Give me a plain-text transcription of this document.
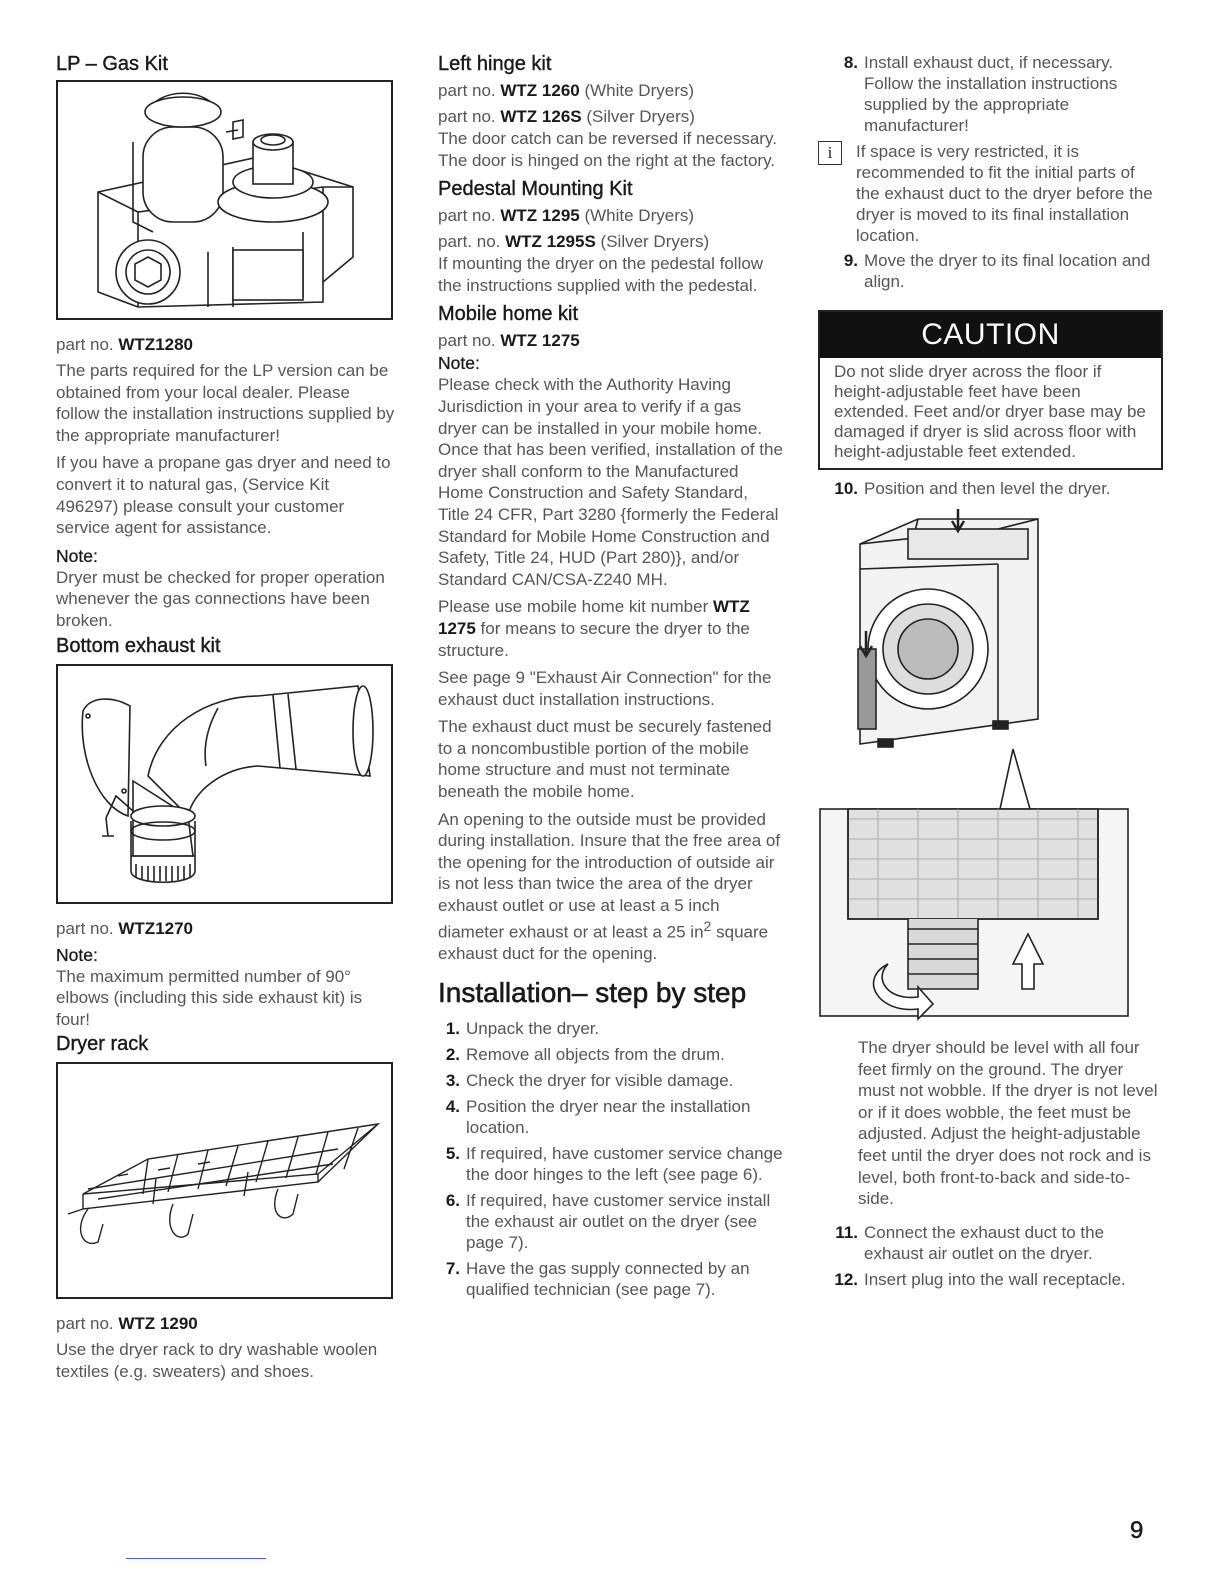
LP – Gas Kit
part no. WTZ1280

The parts required for the LP version can be obtained from your local dealer. Please follow the installation instructions supplied by the appropriate manufacturer!

If you have a propane gas dryer and need to convert it to natural gas, (Service Kit 496297) please consult your customer service agent for assistance.

Note:

Dryer must be checked for proper operation whenever the gas connections have been broken.

Bottom exhaust kit
part no. WTZ1270
Note:

The maximum permitted number of 90° elbows (including this side exhaust kit) is four!

Dryer rack
part no. WTZ 1290

Use the dryer rack to dry washable woolen textiles (e.g. sweaters) and shoes.

Left hinge kit
part no. WTZ 1260 (White Dryers)
part no. WTZ 126S (Silver Dryers)

The door catch can be reversed if necessary. The door is hinged on the right at the factory.

Pedestal Mounting Kit
part no. WTZ 1295 (White Dryers)
part. no. WTZ 1295S (Silver Dryers)

If mounting the dryer on the pedestal follow the instructions supplied with the pedestal.

Mobile home kit
part no. WTZ 1275
Note:

Please check with the Authority Having Jurisdiction in your area to verify if a gas dryer can be installed in your mobile home. Once that has been verified, installation of the dryer shall conform to the Manufactured Home Construction and Safety Standard, Title 24 CFR, Part 3280 {formerly the Federal Standard for Mobile Home Construction and Safety, Title 24, HUD (Part 280)}, and/or Standard CAN/CSA-Z240 MH.

Please use mobile home kit number WTZ 1275 for means to secure the dryer to the structure.

See page 9 "Exhaust Air Connection" for the exhaust duct installation instructions.

The exhaust duct must be securely fastened to a noncombustible portion of the mobile home structure and must not terminate beneath the mobile home.

An opening to the outside must be provided during installation. Insure that the free area of the opening for the introduction of outside air is not less than twice the area of the dryer exhaust outlet or use at least a 5 inch diameter exhaust or at least a 25 $in^2$ square exhaust duct for the opening.

Installation– step by step
1. Unpack the dryer.
2. Remove all objects from the drum.
3. Check the dryer for visible damage.
4. Position the dryer near the installation location.
5. If required, have customer service change the door hinges to the left (see page 6).
6. If required, have customer service install the exhaust air outlet on the dryer (see page 7).
7. Have the gas supply connected by an qualified technician (see page 7).
8. Install exhaust duct, if necessary. Follow the installation instructions supplied by the appropriate manufacturer!
i	If space is very restricted, it is recommended to fit the initial parts of the exhaust duct to the dryer before the dryer is moved to its final installation location.
9. Move the dryer to its final location and align.
CAUTION
Do not slide dryer across the floor if height-adjustable feet have been extended. Feet and/or dryer base may be damaged if dryer is slid across floor with height-adjustable feet extended.
10. Position and then level the dryer.

The dryer should be level with all four feet firmly on the ground. The dryer must not wobble. If the dryer is not level or if it does wobble, the feet must be adjusted. Adjust the height-adjustable feet until the dryer does not rock and is level, both front-to-back and side-to-side.

11. Connect the exhaust duct to the exhaust air outlet on the dryer.
12. Insert plug into the wall receptacle.
9
